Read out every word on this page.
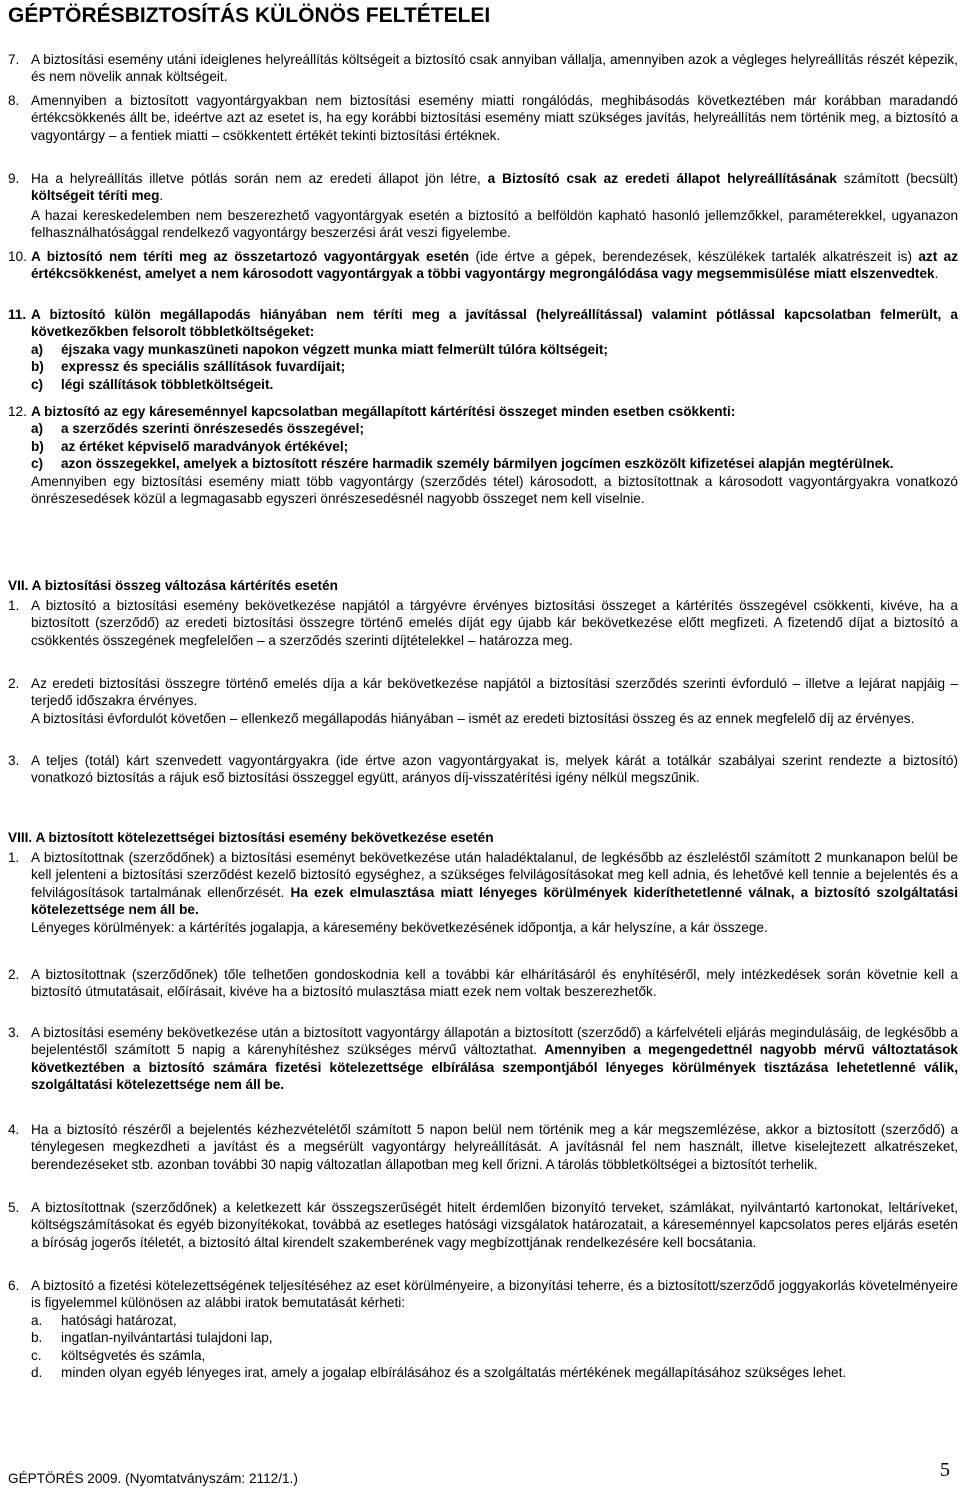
GÉPTÖRÉSBIZTOSÍTÁS KÜLÖNÖS FELTÉTELEI
7. A biztosítási esemény utáni ideiglenes helyreállítás költségeit a biztosító csak annyiban vállalja, amennyiben azok a végleges helyreállítás részét képezik, és nem növelik annak költségeit.
8. Amennyiben a biztosított vagyontárgyakban nem biztosítási esemény miatti rongálódás, meghibásodás következtében már korábban maradandó értékcsökkenés állt be, ideértve azt az esetet is, ha egy korábbi biztosítási esemény miatt szükséges javítás, helyreállítás nem történik meg, a biztosító a vagyontárgy – a fentiek miatti – csökkentett értékét tekinti biztosítási értéknek.
9. Ha a helyreállítás illetve pótlás során nem az eredeti állapot jön létre, a Biztosító csak az eredeti állapot helyreállításának számított (becsült) költségeit téríti meg.
A hazai kereskedelemben nem beszerezhető vagyontárgyak esetén a biztosító a belföldön kapható hasonló jellemzőkkel, paraméterekkel, ugyanazon felhasználhatósággal rendelkező vagyontárgy beszerzési árát veszi figyelembe.
10. A biztosító nem téríti meg az összetartozó vagyontárgyak esetén (ide értve a gépek, berendezések, készülékek tartalék alkatrészeit is) azt az értékcsökkenést, amelyet a nem károsodott vagyontárgyak a többi vagyontárgy megrongálódása vagy megsemmisülése miatt elszenvedtek.
11. A biztosító külön megállapodás hiányában nem téríti meg a javítással (helyreállítással) valamint pótlással kapcsolatban felmerült, a következőkben felsorolt többletköltségeket:
a) éjszaka vagy munkaszüneti napokon végzett munka miatt felmerült túlóra költségeit;
b) expressz és speciális szállítások fuvardíjait;
c) légi szállítások többletköltségeit.
12. A biztosító az egy káreseménnyel kapcsolatban megállapított kártérítési összeget minden esetben csökkenti:
a) a szerződés szerinti önrészesedés összegével;
b) az értéket képviselő maradványok értékével;
c) azon összegekkel, amelyek a biztosított részére harmadik személy bármilyen jogcímen eszközölt kifizetései alapján megtérülnek.
Amennyiben egy biztosítási esemény miatt több vagyontárgy (szerződés tétel) károsodott, a biztosítottnak a károsodott vagyontárgyakra vonatkozó önrészesedések közül a legmagasabb egyszeri önrészesedésnél nagyobb összeget nem kell viselnie.
VII. A biztosítási összeg változása kártérítés esetén
1. A biztosító a biztosítási esemény bekövetkezése napjától a tárgyévre érvényes biztosítási összeget a kártérítés összegével csökkenti, kivéve, ha a biztosított (szerződő) az eredeti biztosítási összegre történő emelés díját egy újabb kár bekövetkezése előtt megfizeti. A fizetendő díjat a biztosító a csökkentés összegének megfelelően – a szerződés szerinti díjtételekkel – határozza meg.
2. Az eredeti biztosítási összegre történő emelés díja a kár bekövetkezése napjától a biztosítási szerződés szerinti évforduló – illetve a lejárat napjáig – terjedő időszakra érvényes.
A biztosítási évfordulót követően – ellenkező megállapodás hiányában – ismét az eredeti biztosítási összeg és az ennek megfelelő díj az érvényes.
3. A teljes (totál) kárt szenvedett vagyontárgyakra (ide értve azon vagyontárgyakat is, melyek kárát a totálkár szabályai szerint rendezte a biztosító) vonatkozó biztosítás a rájuk eső biztosítási összeggel együtt, arányos díj-visszatérítési igény nélkül megszűnik.
VIII. A biztosított kötelezettségei biztosítási esemény bekövetkezése esetén
1. A biztosítottnak (szerződőnek) a biztosítási eseményt bekövetkezése után haladéktalanul, de legkésőbb az észleléstől számított 2 munkanapon belül be kell jelenteni a biztosítási szerződést kezelő biztosító egységhez, a szükséges felvilágosításokat meg kell adnia, és lehetővé kell tennie a bejelentés és a felvilágosítások tartalmának ellenőrzését. Ha ezek elmulasztása miatt lényeges körülmények kideríthetetlenné válnak, a biztosító szolgáltatási kötelezettsége nem áll be.
Lényeges körülmények: a kártérítés jogalapja, a káresemény bekövetkezésének időpontja, a kár helyszíne, a kár összege.
2. A biztosítottnak (szerződőnek) tőle telhetően gondoskodnia kell a további kár elhárításáról és enyhítéséről, mely intézkedések során követnie kell a biztosító útmutatásait, előírásait, kivéve ha a biztosító mulasztása miatt ezek nem voltak beszerezhetők.
3. A biztosítási esemény bekövetkezése után a biztosított vagyontárgy állapotán a biztosított (szerződő) a kárfelvételi eljárás megindulásáig, de legkésőbb a bejelentéstől számított 5 napig a kárenyhítéshez szükséges mérvű változtathat. Amennyiben a megengedettnél nagyobb mérvű változtatások következtében a biztosító számára fizetési kötelezettsége elbírálása szempontjából lényeges körülmények tisztázása lehetetlenné válik, szolgáltatási kötelezettsége nem áll be.
4. Ha a biztosító részéről a bejelentés kézhezvételétől számított 5 napon belül nem történik meg a kár megszemlézése, akkor a biztosított (szerződő) a ténylegesen megkezdheti a javítást és a megsérült vagyontárgy helyreállítását. A javításnál fel nem használt, illetve kiselejtezett alkatrészeket, berendezéseket stb. azonban további 30 napig változatlan állapotban meg kell őrizni. A tárolás többletköltségei a biztosítót terhelik.
5. A biztosítottnak (szerződőnek) a keletkezett kár összegszerűségét hitelt érdemlően bizonyító terveket, számlákat, nyilvántartó kartonokat, leltáríveket, költségszámításokat és egyéb bizonyítékokat, továbbá az esetleges hatósági vizsgálatok határozatait, a káreseménnyel kapcsolatos peres eljárás esetén a bíróság jogerős ítéletét, a biztosító által kirendelt szakemberének vagy megbízottjának rendelkezésére kell bocsátania.
6. A biztosító a fizetési kötelezettségének teljesítéséhez az eset körülményeire, a bizonyítási teherre, és a biztosított/szerződő joggyakorlás követelményeire is figyelemmel különösen az alábbi iratok bemutatását kérheti:
a. hatósági határozat,
b. ingatlan-nyilvántartási tulajdoni lap,
c. költségvetés és számla,
d. minden olyan egyéb lényeges irat, amely a jogalap elbírálásához és a szolgáltatás mértékének megállapításához szükséges lehet.
GÉPTÖRÉS 2009. (Nyomtatványszám: 2112/1.)	5
